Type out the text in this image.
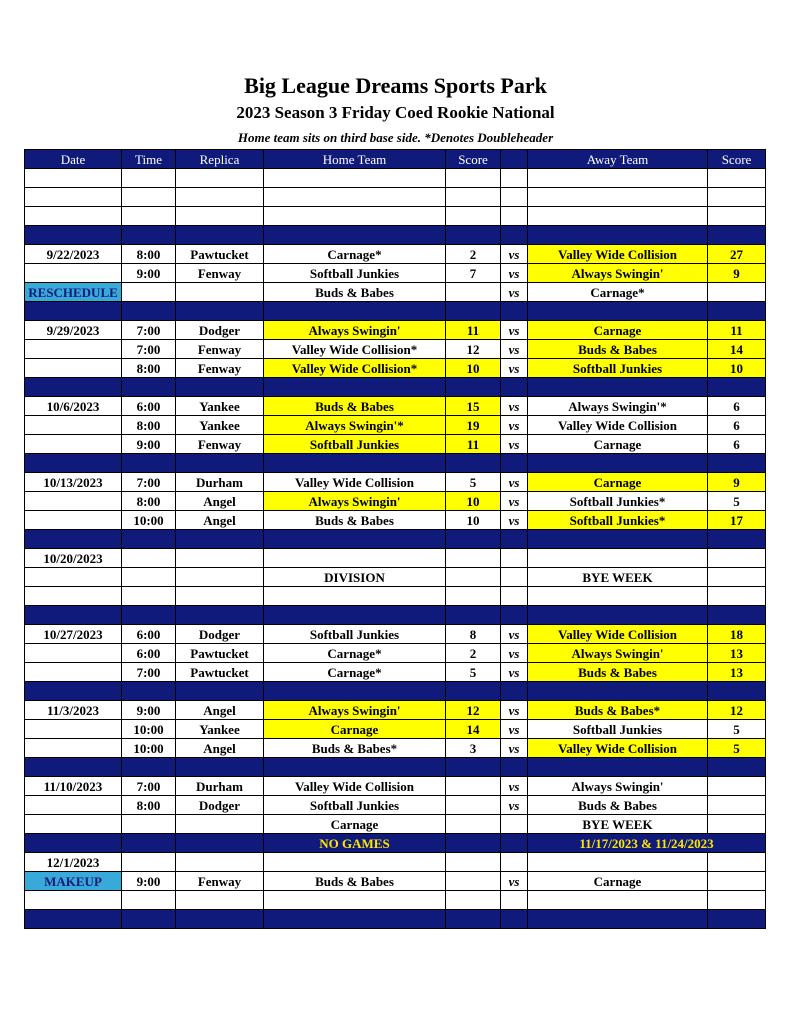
Big League Dreams Sports Park
2023 Season 3 Friday Coed Rookie National
Home team sits on third base side. *Denotes Doubleheader
Date	Time	Replica	Home Team	Score		Away Team	Score

9/22/2023	8:00	Pawtucket	Carnage*	2	vs	Valley Wide Collision	27
	9:00	Fenway	Softball Junkies	7	vs	Always Swingin'	9
RESCHEDULE			Buds & Babes		vs	Carnage*	

9/29/2023	7:00	Dodger	Always Swingin'	11	vs	Carnage	11
	7:00	Fenway	Valley Wide Collision*	12	vs	Buds & Babes	14
	8:00	Fenway	Valley Wide Collision*	10	vs	Softball Junkies	10

10/6/2023	6:00	Yankee	Buds & Babes	15	vs	Always Swingin'*	6
	8:00	Yankee	Always Swingin'*	19	vs	Valley Wide Collision	6
	9:00	Fenway	Softball Junkies	11	vs	Carnage	6

10/13/2023	7:00	Durham	Valley Wide Collision	5	vs	Carnage	9
	8:00	Angel	Always Swingin'	10	vs	Softball Junkies*	5
	10:00	Angel	Buds & Babes	10	vs	Softball Junkies*	17

10/20/2023							
			DIVISION			BYE WEEK	

10/27/2023	6:00	Dodger	Softball Junkies	8	vs	Valley Wide Collision	18
	6:00	Pawtucket	Carnage*	2	vs	Always Swingin'	13
	7:00	Pawtucket	Carnage*	5	vs	Buds & Babes	13

11/3/2023	9:00	Angel	Always Swingin'	12	vs	Buds & Babes*	12
	10:00	Yankee	Carnage	14	vs	Softball Junkies	5
	10:00	Angel	Buds & Babes*	3	vs	Valley Wide Collision	5

11/10/2023	7:00	Durham	Valley Wide Collision		vs	Always Swingin'	
	8:00	Dodger	Softball Junkies		vs	Buds & Babes	
			Carnage			BYE WEEK	
			NO GAMES			11/17/2023 & 11/24/2023	
12/1/2023							
MAKEUP	9:00	Fenway	Buds & Babes		vs	Carnage	
